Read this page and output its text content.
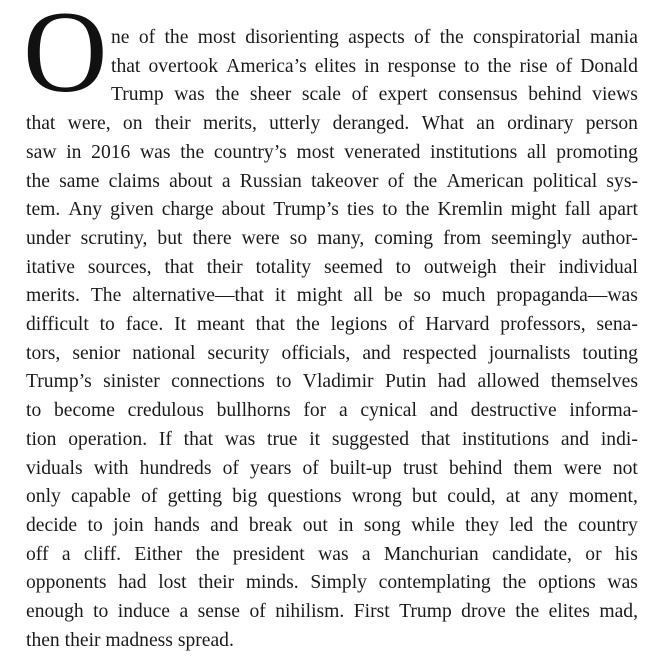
O ne of the most disorienting aspects of the conspiratorial mania
that overtook America’s elites in response to the rise of Donald
Trump was the sheer scale of expert consensus behind views
that were, on their merits, utterly deranged. What an ordinary person
saw in 2016 was the country’s most venerated institutions all promoting
the same claims about a Russian takeover of the American political sys-
tem. Any given charge about Trump’s ties to the Kremlin might fall apart
under scrutiny, but there were so many, coming from seemingly author-
itative sources, that their totality seemed to outweigh their individual
merits. The alternative—that it might all be so much propaganda—was
difficult to face. It meant that the legions of Harvard professors, sena-
tors, senior national security officials, and respected journalists touting
Trump’s sinister connections to Vladimir Putin had allowed themselves
to become credulous bullhorns for a cynical and destructive informa-
tion operation. If that was true it suggested that institutions and indi-
viduals with hundreds of years of built-up trust behind them were not
only capable of getting big questions wrong but could, at any moment,
decide to join hands and break out in song while they led the country
off a cliff. Either the president was a Manchurian candidate, or his
opponents had lost their minds. Simply contemplating the options was
enough to induce a sense of nihilism. First Trump drove the elites mad,
then their madness spread.
